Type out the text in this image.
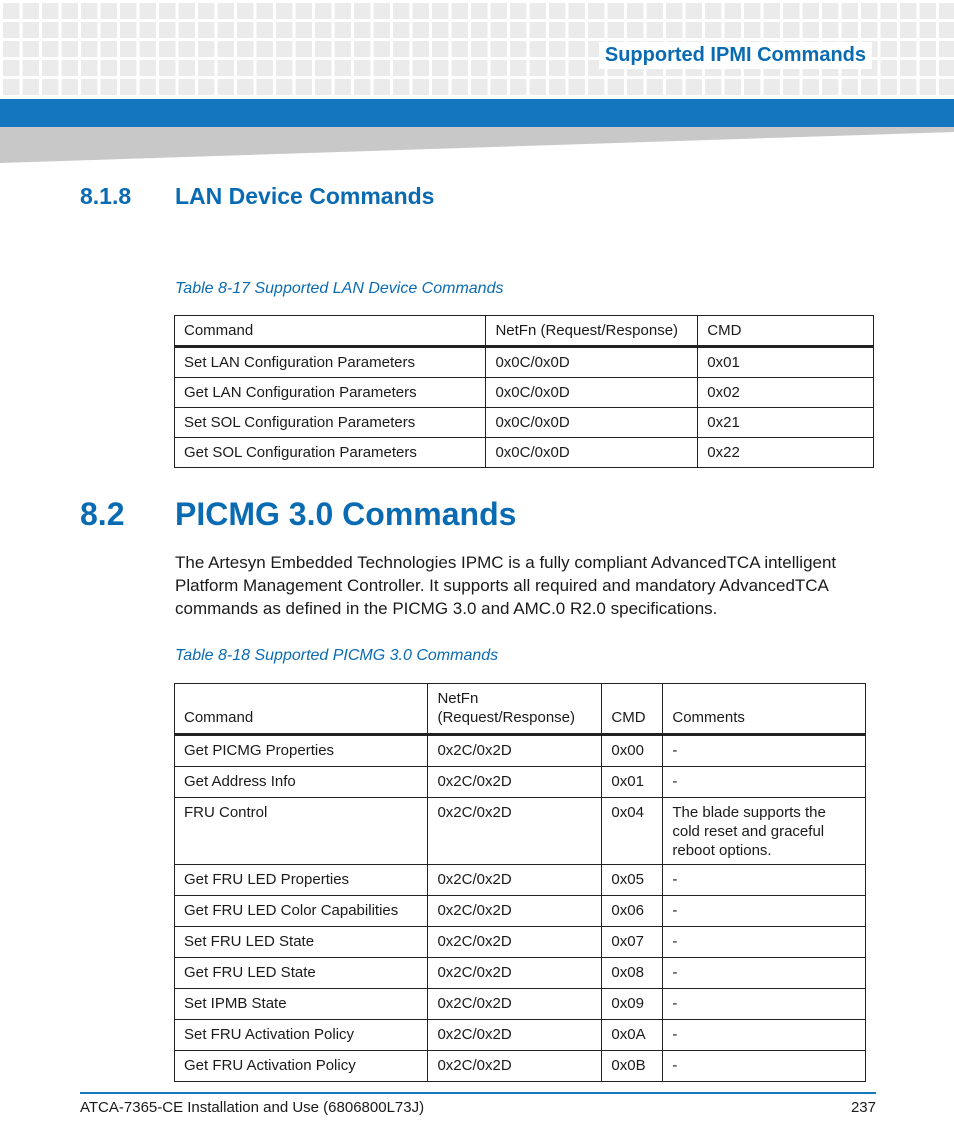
Supported IPMI Commands
8.1.8 LAN Device Commands
Table 8-17 Supported LAN Device Commands
Command	NetFn (Request/Response)	CMD
Set LAN Configuration Parameters	0x0C/0x0D	0x01
Get LAN Configuration Parameters	0x0C/0x0D	0x02
Set SOL Configuration Parameters	0x0C/0x0D	0x21
Get SOL Configuration Parameters	0x0C/0x0D	0x22
8.2 PICMG 3.0 Commands
The Artesyn Embedded Technologies IPMC is a fully compliant AdvancedTCA intelligent Platform Management Controller. It supports all required and mandatory AdvancedTCA commands as defined in the PICMG 3.0 and AMC.0 R2.0 specifications.
Table 8-18 Supported PICMG 3.0 Commands
Command	NetFn (Request/Response)	CMD	Comments
Get PICMG Properties	0x2C/0x2D	0x00	-
Get Address Info	0x2C/0x2D	0x01	-
FRU Control	0x2C/0x2D	0x04	The blade supports the cold reset and graceful reboot options.
Get FRU LED Properties	0x2C/0x2D	0x05	-
Get FRU LED Color Capabilities	0x2C/0x2D	0x06	-
Set FRU LED State	0x2C/0x2D	0x07	-
Get FRU LED State	0x2C/0x2D	0x08	-
Set IPMB State	0x2C/0x2D	0x09	-
Set FRU Activation Policy	0x2C/0x2D	0x0A	-
Get FRU Activation Policy	0x2C/0x2D	0x0B	-
ATCA-7365-CE Installation and Use (6806800L73J)	237
